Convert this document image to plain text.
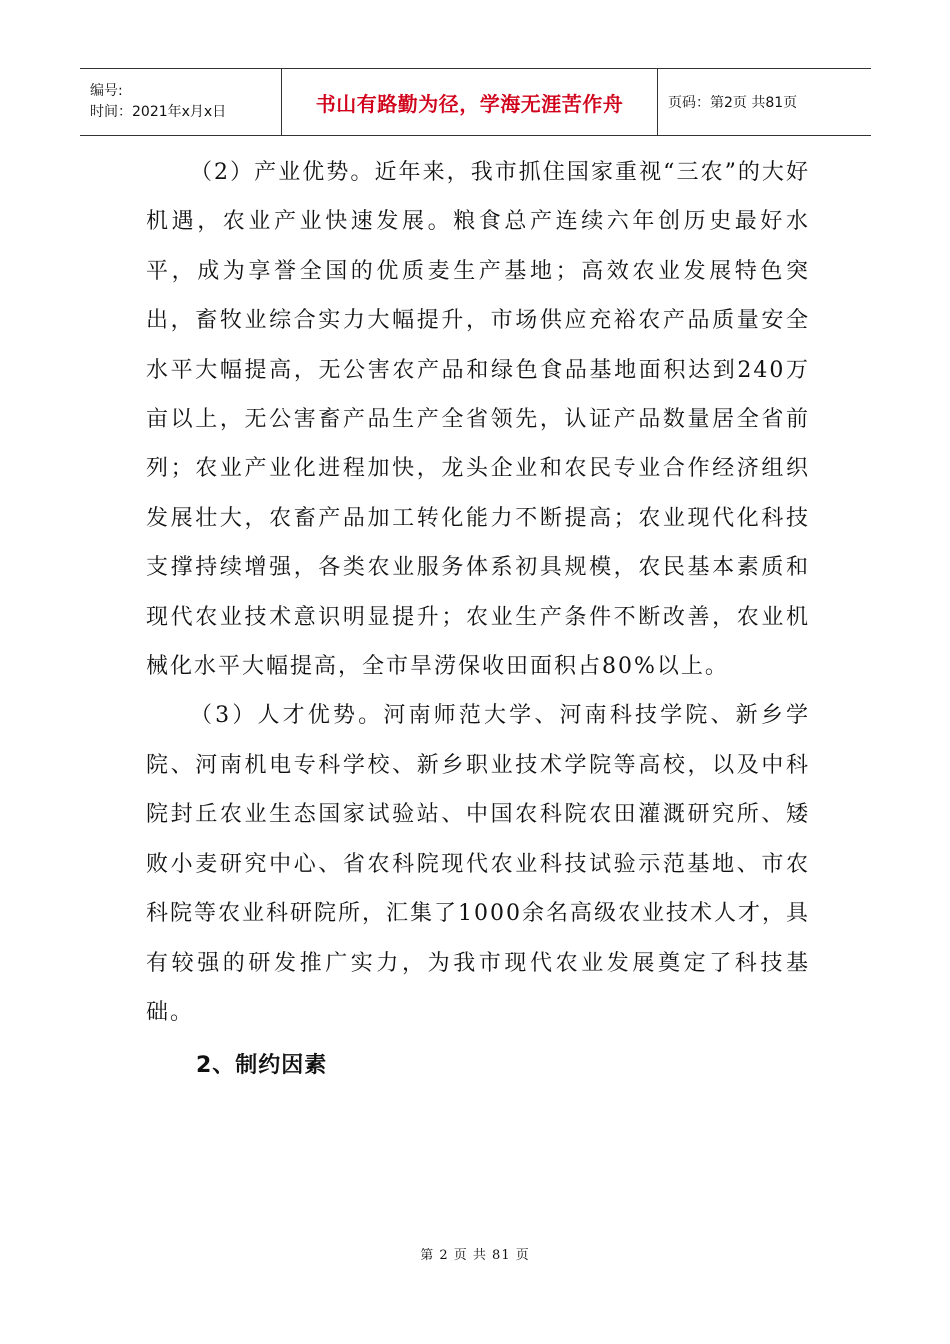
编号:
时间：2021年x月x日	书山有路勤为径，学海无涯苦作舟	页码：第2页 共81页

（2）产业优势。近年来，我市抓住国家重视“三农”的大好机遇，农业产业快速发展。粮食总产连续六年创历史最好水平，成为享誉全国的优质麦生产基地；高效农业发展特色突出，畜牧业综合实力大幅提升，市场供应充裕农产品质量安全水平大幅提高，无公害农产品和绿色食品基地面积达到240万亩以上，无公害畜产品生产全省领先，认证产品数量居全省前列；农业产业化进程加快，龙头企业和农民专业合作经济组织发展壮大，农畜产品加工转化能力不断提高；农业现代化科技支撑持续增强，各类农业服务体系初具规模，农民基本素质和现代农业技术意识明显提升；农业生产条件不断改善，农业机械化水平大幅提高，全市旱涝保收田面积占80%以上。

（3）人才优势。河南师范大学、河南科技学院、新乡学院、河南机电专科学校、新乡职业技术学院等高校，以及中科院封丘农业生态国家试验站、中国农科院农田灌溉研究所、矮败小麦研究中心、省农科院现代农业科技试验示范基地、市农科院等农业科研院所，汇集了1000余名高级农业技术人才，具有较强的研发推广实力，为我市现代农业发展奠定了科技基础。

2、制约因素

第 2 页 共 81 页
